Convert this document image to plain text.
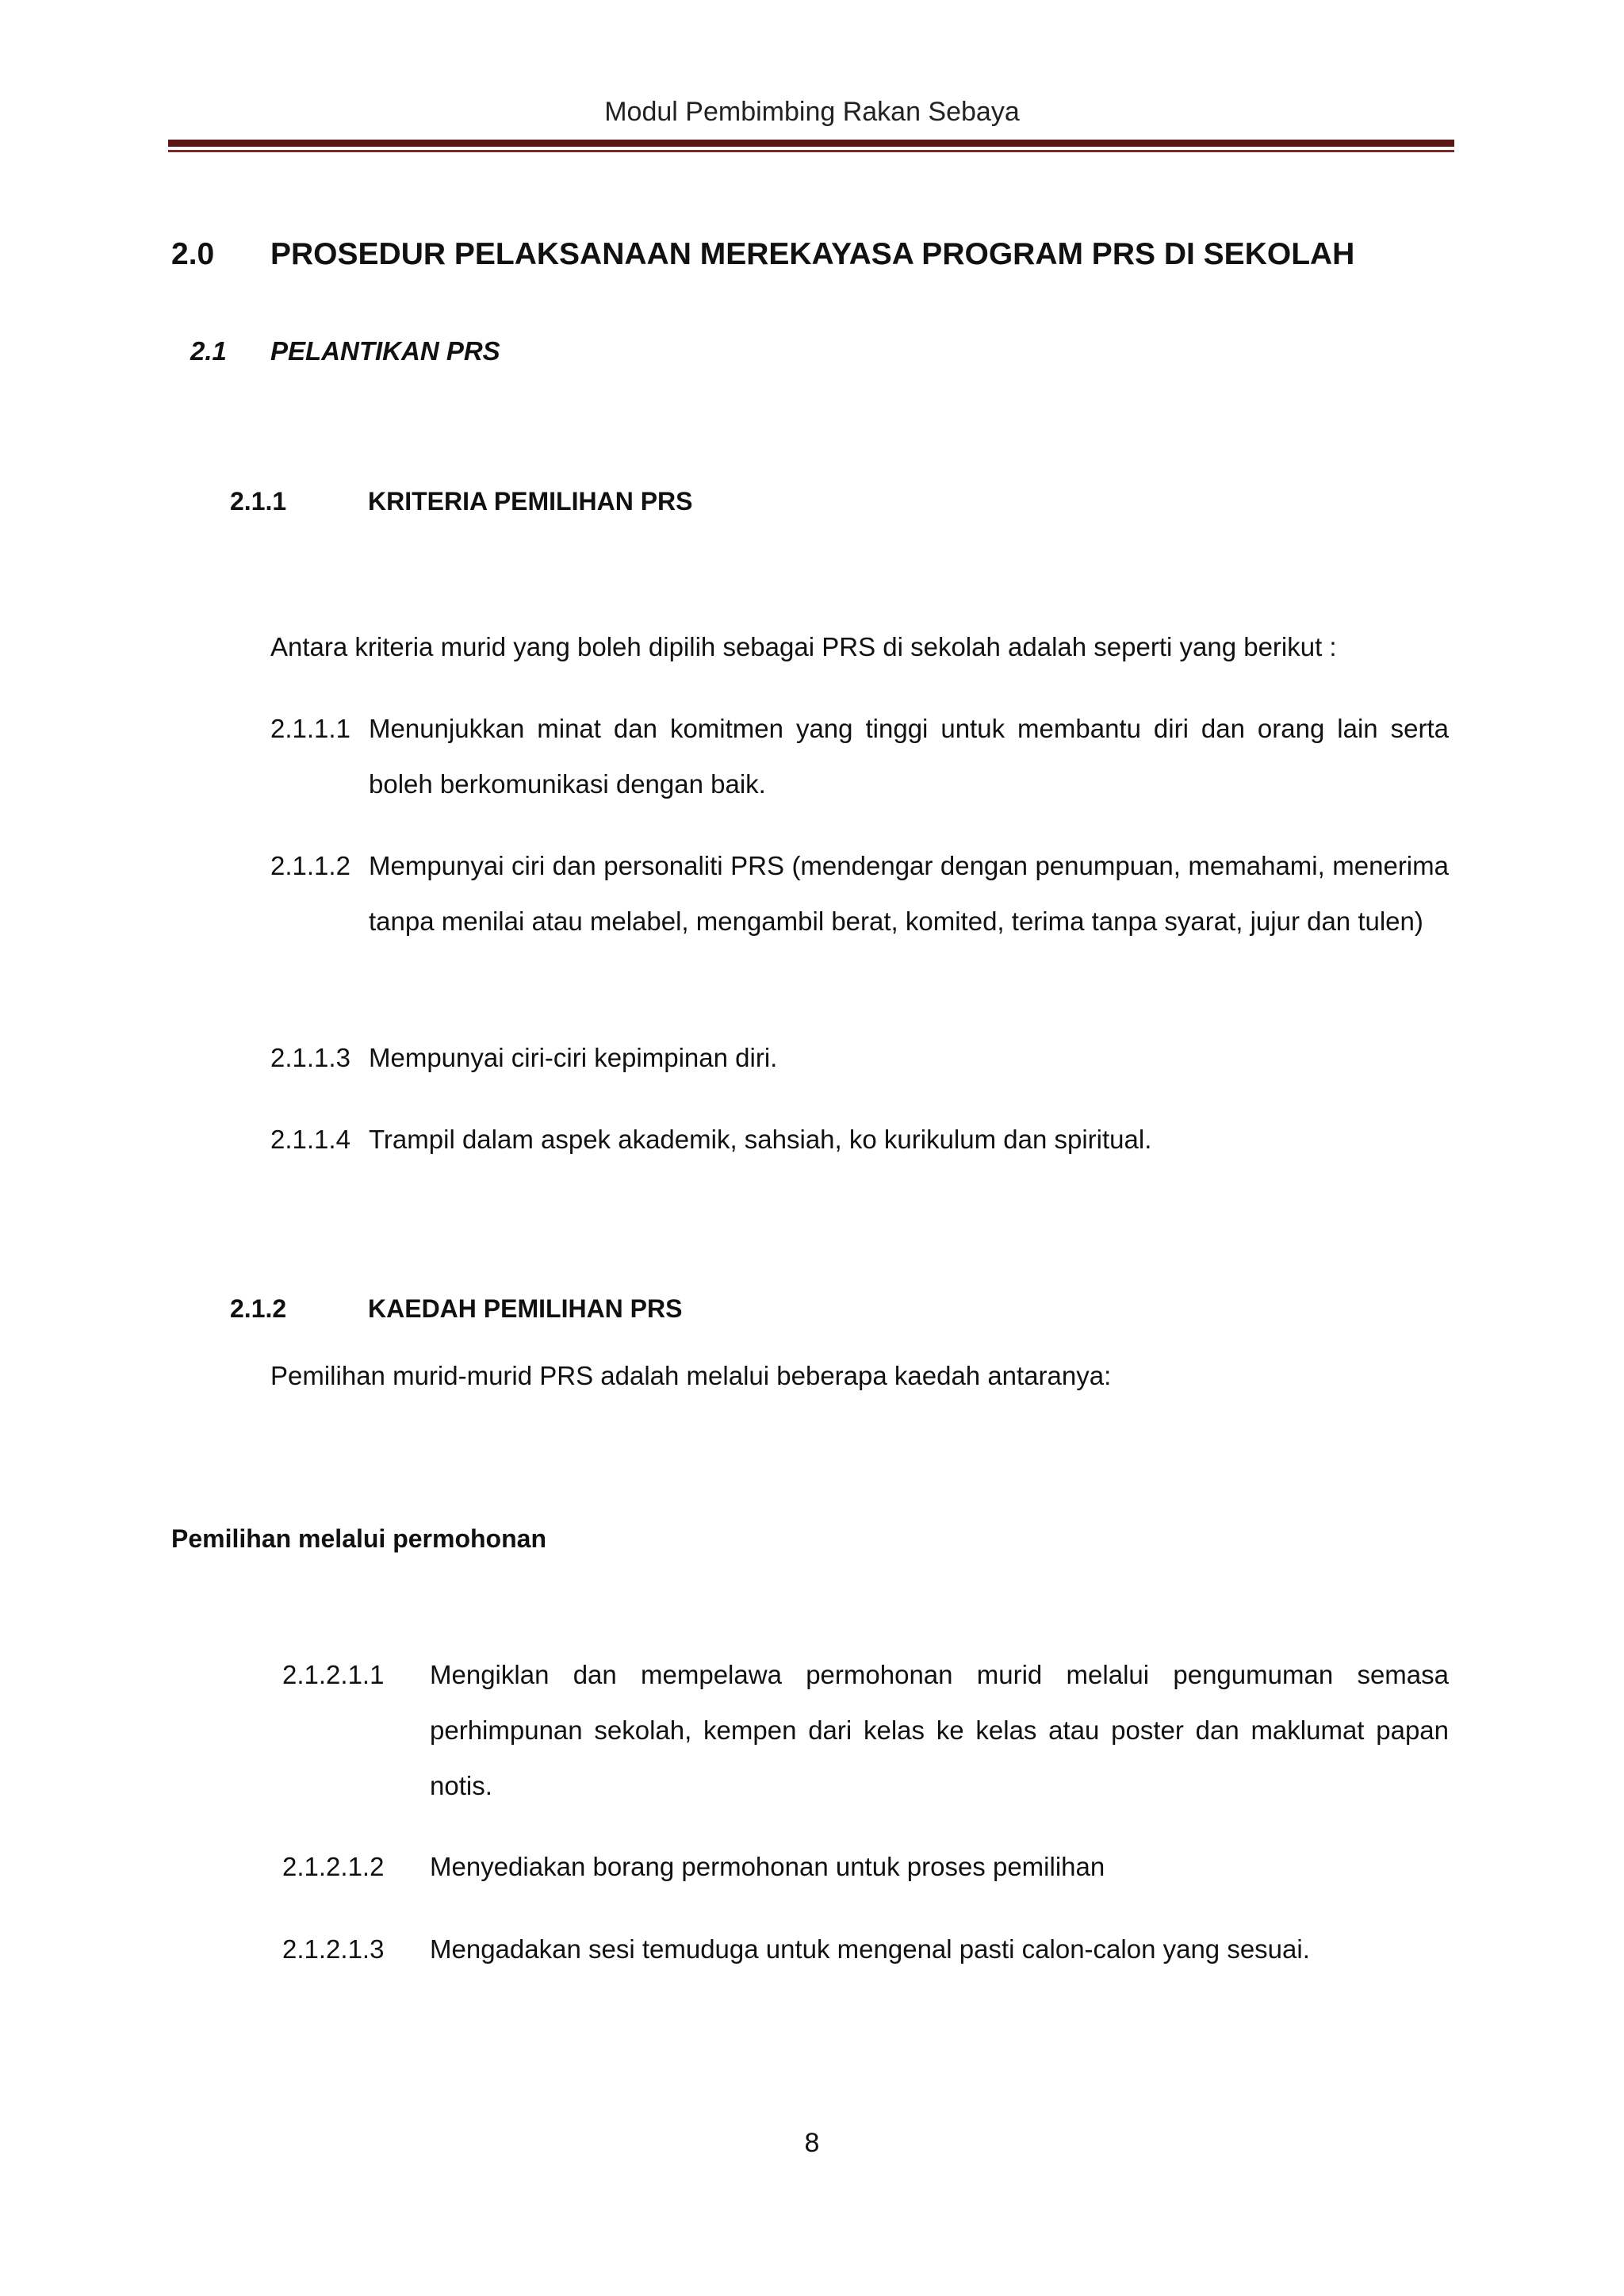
Modul Pembimbing Rakan Sebaya
2.0 PROSEDUR PELAKSANAAN MEREKAYASA PROGRAM PRS DI SEKOLAH
2.1 PELANTIKAN PRS
2.1.1	KRITERIA PEMILIHAN PRS
Antara kriteria murid yang boleh dipilih sebagai PRS di sekolah adalah seperti yang berikut :
2.1.1.1 Menunjukkan minat dan komitmen yang tinggi untuk membantu diri dan orang lain serta boleh berkomunikasi dengan baik.
2.1.1.2 Mempunyai ciri dan personaliti PRS (mendengar dengan penumpuan, memahami, menerima tanpa menilai atau melabel, mengambil berat, komited, terima tanpa syarat, jujur dan tulen)
2.1.1.3 Mempunyai ciri-ciri kepimpinan diri.
2.1.1.4 Trampil dalam aspek akademik, sahsiah, ko kurikulum dan spiritual.
2.1.2	KAEDAH PEMILIHAN PRS
Pemilihan murid-murid PRS adalah melalui beberapa kaedah antaranya:
Pemilihan melalui permohonan
2.1.2.1.1 Mengiklan dan mempelawa permohonan murid melalui pengumuman semasa perhimpunan sekolah, kempen dari kelas ke kelas atau poster dan maklumat papan notis.
2.1.2.1.2 Menyediakan borang permohonan untuk proses pemilihan
2.1.2.1.3 Mengadakan sesi temuduga untuk mengenal pasti calon-calon yang sesuai.
8
